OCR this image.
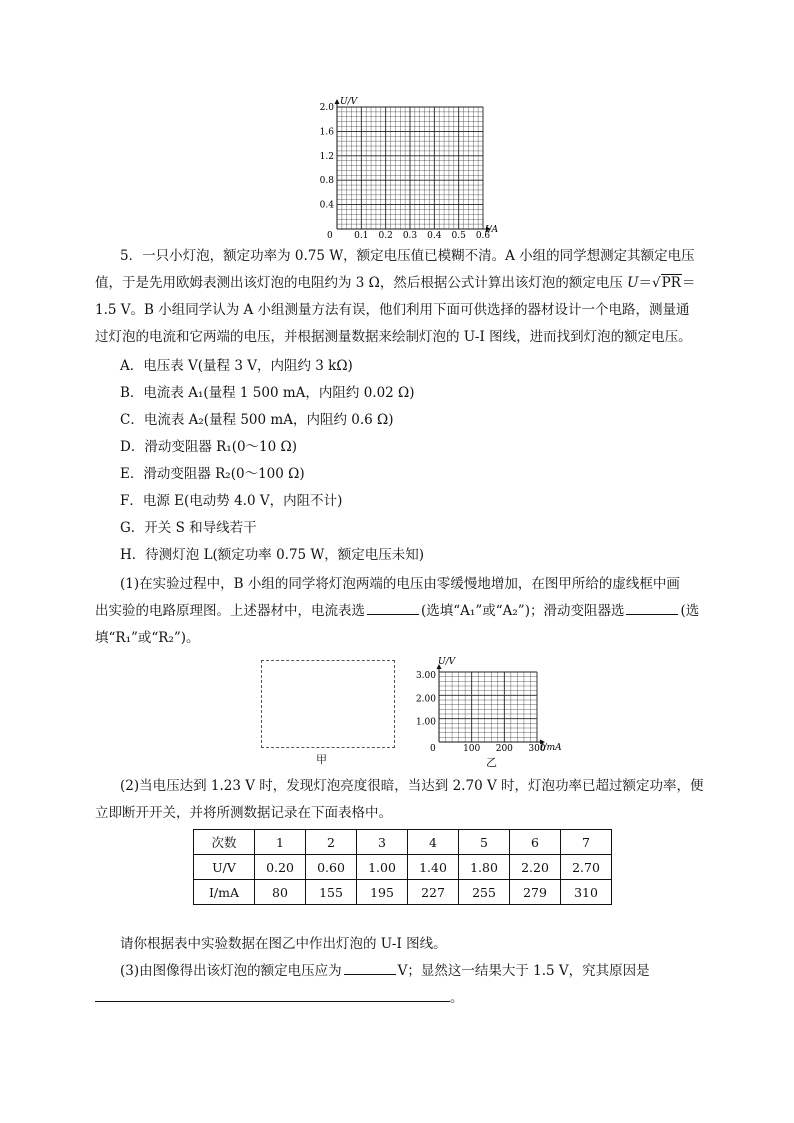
U/V
I/A
0
2.0
1.6
1.2
0.8
0.4
0.1 0.2 0.3 0.4 0.5 0.6
5．一只小灯泡，额定功率为 0.75 W，额定电压值已模糊不清。A 小组的同学想测定其额定电压
值，于是先用欧姆表测出该灯泡的电阻约为 3 Ω，然后根据公式计算出该灯泡的额定电压 U＝√PR＝
1.5 V。B 小组同学认为 A 小组测量方法有误，他们利用下面可供选择的器材设计一个电路，测量通
过灯泡的电流和它两端的电压，并根据测量数据来绘制灯泡的 U-I 图线，进而找到灯泡的额定电压。
A．电压表 V(量程 3 V，内阻约 3 kΩ)
B．电流表 A₁(量程 1 500 mA，内阻约 0.02 Ω)
C．电流表 A₂(量程 500 mA，内阻约 0.6 Ω)
D．滑动变阻器 R₁(0～10 Ω)
E．滑动变阻器 R₂(0～100 Ω)
F．电源 E(电动势 4.0 V，内阻不计)
G．开关 S 和导线若干
H．待测灯泡 L(额定功率 0.75 W，额定电压未知)
(1)在实验过程中，B 小组的同学将灯泡两端的电压由零缓慢地增加，在图甲所给的虚线框中画
出实验的电路原理图。上述器材中，电流表选	(选填“A₁”或“A₂”)；滑动变阻器选	(选
填“R₁”或“R₂”)。
甲
U/V
I/mA
0
3.00
2.00
1.00
100 200 300
乙
(2)当电压达到 1.23 V 时，发现灯泡亮度很暗，当达到 2.70 V 时，灯泡功率已超过额定功率，便
立即断开开关，并将所测数据记录在下面表格中。
次数	1	2	3	4	5	6	7
U/V	0.20	0.60	1.00	1.40	1.80	2.20	2.70
I/mA	80	155	195	227	255	279	310
请你根据表中实验数据在图乙中作出灯泡的 U-I 图线。
(3)由图像得出该灯泡的额定电压应为	V；显然这一结果大于 1.5 V，究其原因是
。
